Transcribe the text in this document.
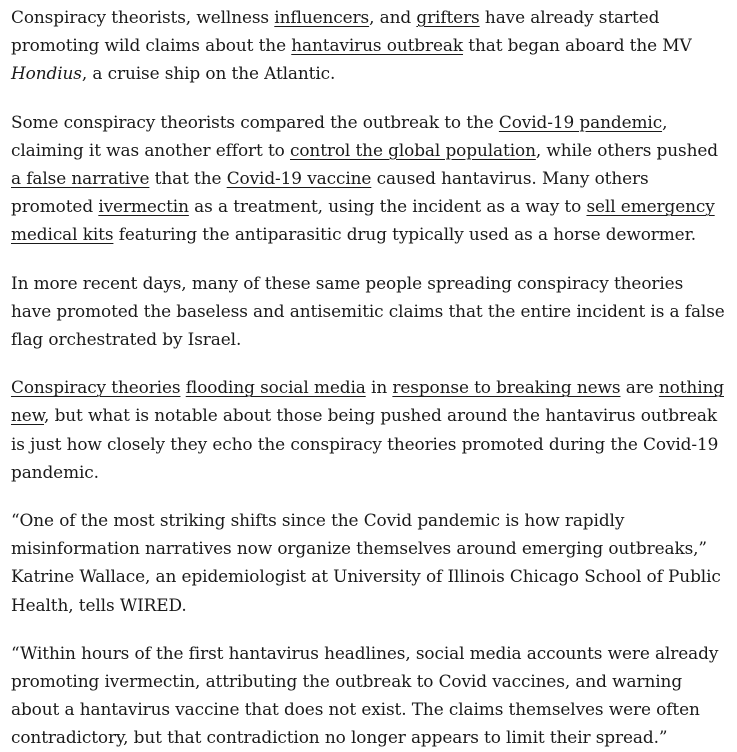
Conspiracy theorists, wellness influencers, and grifters have already started promoting wild claims about the hantavirus outbreak that began aboard the MV Hondius, a cruise ship on the Atlantic.

Some conspiracy theorists compared the outbreak to the Covid-19 pandemic, claiming it was another effort to control the global population, while others pushed a false narrative that the Covid-19 vaccine caused hantavirus. Many others promoted ivermectin as a treatment, using the incident as a way to sell emergency medical kits featuring the antiparasitic drug typically used as a horse dewormer.

In more recent days, many of these same people spreading conspiracy theories have promoted the baseless and antisemitic claims that the entire incident is a false flag orchestrated by Israel.

Conspiracy theories flooding social media in response to breaking news are nothing new, but what is notable about those being pushed around the hantavirus outbreak is just how closely they echo the conspiracy theories promoted during the Covid-19 pandemic.

“One of the most striking shifts since the Covid pandemic is how rapidly misinformation narratives now organize themselves around emerging outbreaks,” Katrine Wallace, an epidemiologist at University of Illinois Chicago School of Public Health, tells WIRED.

“Within hours of the first hantavirus headlines, social media accounts were already promoting ivermectin, attributing the outbreak to Covid vaccines, and warning about a hantavirus vaccine that does not exist. The claims themselves were often contradictory, but that contradiction no longer appears to limit their spread.”
